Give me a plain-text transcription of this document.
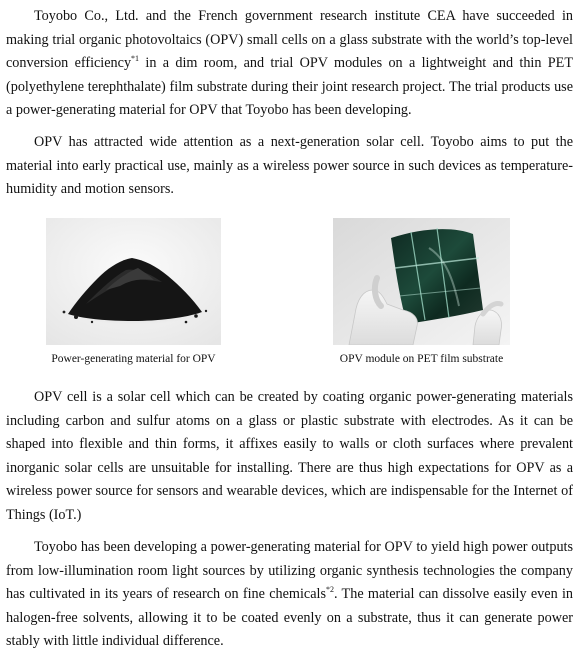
Toyobo Co., Ltd. and the French government research institute CEA have succeeded in making trial organic photovoltaics (OPV) small cells on a glass substrate with the world’s top-level conversion efficiency$^{*1}$ in a dim room, and trial OPV modules on a lightweight and thin PET (polyethylene terephthalate) film substrate during their joint research project. The trial products use a power-generating material for OPV that Toyobo has been developing.

OPV has attracted wide attention as a next-generation solar cell. Toyobo aims to put the material into early practical use, mainly as a wireless power source in such devices as temperature-humidity and motion sensors.

Power-generating material for OPV	OPV module on PET film substrate

OPV cell is a solar cell which can be created by coating organic power-generating materials including carbon and sulfur atoms on a glass or plastic substrate with electrodes. As it can be shaped into flexible and thin forms, it affixes easily to walls or cloth surfaces where prevalent inorganic solar cells are unsuitable for installing. There are thus high expectations for OPV as a wireless power source for sensors and wearable devices, which are indispensable for the Internet of Things (IoT.)

Toyobo has been developing a power-generating material for OPV to yield high power outputs from low-illumination room light sources by utilizing organic synthesis technologies the company has cultivated in its years of research on fine chemicals$^{*2}$. The material can dissolve easily even in halogen-free solvents, allowing it to be coated evenly on a substrate, thus it can generate power stably with little individual difference.
